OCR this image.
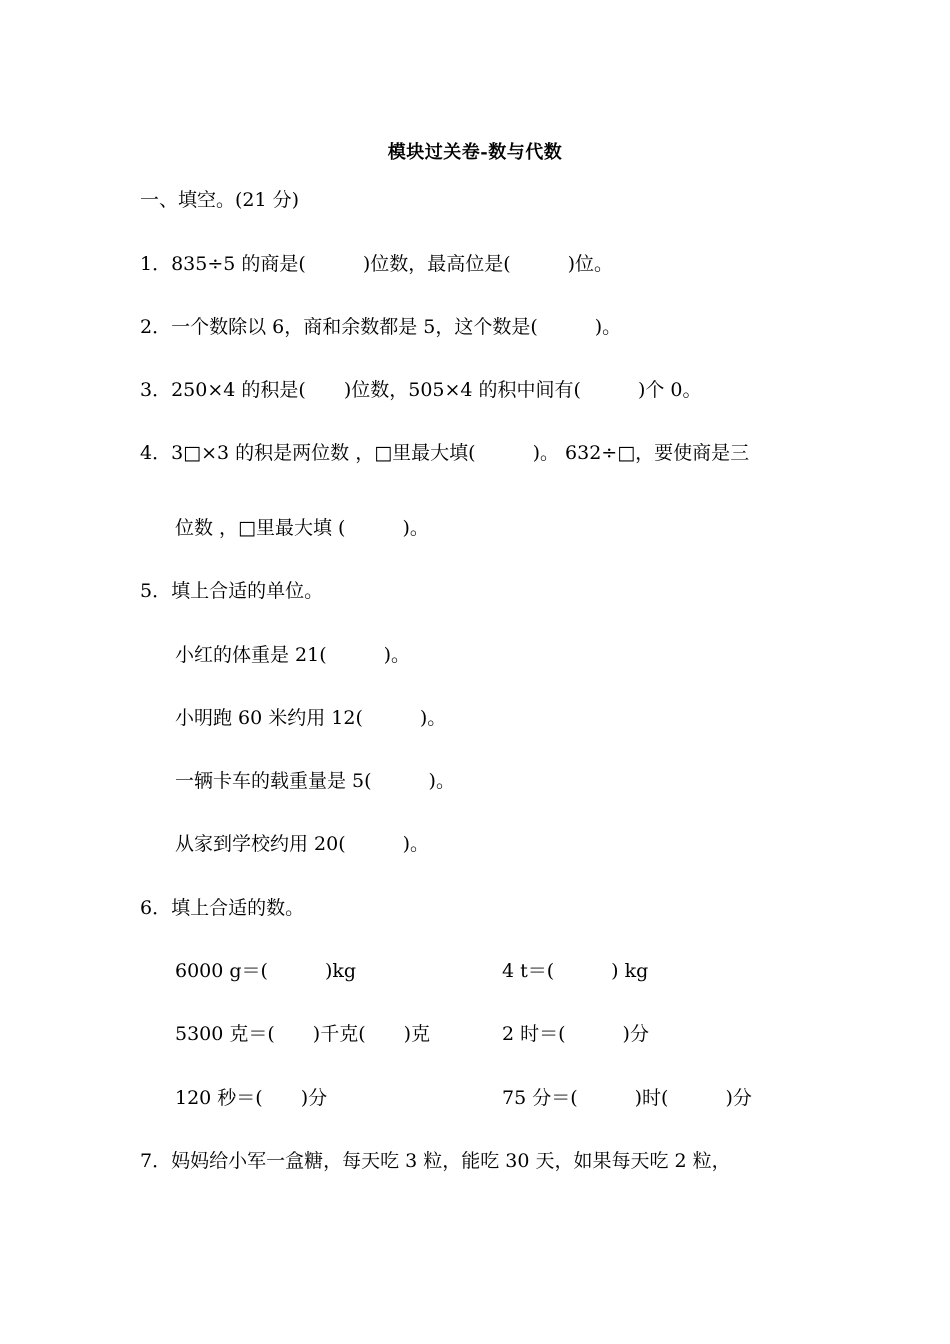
模块过关卷-数与代数
一、填空。(21 分)
1．835÷5 的商是(　　　)位数，最高位是(　　　)位。
2．一个数除以 6，商和余数都是 5，这个数是(　　　)。
3．250×4 的积是(　　)位数，505×4 的积中间有(　　　)个 0。
4．3□×3 的积是两位数 ，□里最大填(　　　)。 632÷□，要使商是三
位数 ，□里最大填 (　　　)。
5．填上合适的单位。
小红的体重是 21(　　　)。
小明跑 60 米约用 12(　　　)。
一辆卡车的载重量是 5(　　　)。
从家到学校约用 20(　　　)。
6．填上合适的数。
6000 g＝(　　　)kg	4 t＝(　　　) kg
5300 克＝(　　)千克(　　)克	2 时＝(　　　)分
120 秒＝(　　)分	75 分＝(　　　)时(　　　)分
7．妈妈给小军一盒糖，每天吃 3 粒，能吃 30 天，如果每天吃 2 粒，
